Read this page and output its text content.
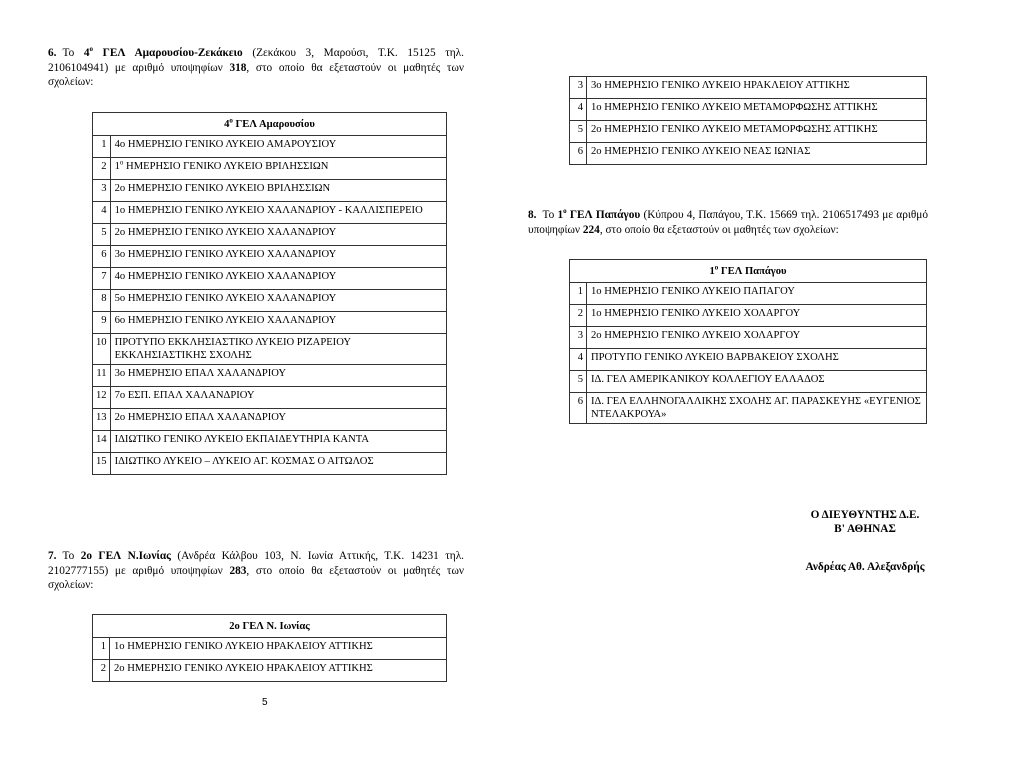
6. Το $4^o$ ΓΕΛ Αμαρουσίου-Ζεκάκειο (Ζεκάκου 3, Μαρούσι, Τ.Κ. 15125 τηλ. 2106104941) με αριθμό υποψηφίων 318, στο οποίο θα εξεταστούν οι μαθητές των σχολείων:
$4^o$ ΓΕΛ Αμαρουσίου	
1	4ο ΗΜΕΡΗΣΙΟ ΓΕΝΙΚΟ ΛΥΚΕΙΟ ΑΜΑΡΟΥΣΙΟΥ
2	$1^o$ ΗΜΕΡΗΣΙΟ ΓΕΝΙΚΟ ΛΥΚΕΙΟ ΒΡΙΛΗΣΣΙΩΝ
3	2ο ΗΜΕΡΗΣΙΟ ΓΕΝΙΚΟ ΛΥΚΕΙΟ ΒΡΙΛΗΣΣΙΩΝ
4	1ο ΗΜΕΡΗΣΙΟ ΓΕΝΙΚΟ ΛΥΚΕΙΟ ΧΑΛΑΝΔΡΙΟΥ - ΚΑΛΛΙΣΠΕΡΕΙΟ
5	2ο ΗΜΕΡΗΣΙΟ ΓΕΝΙΚΟ ΛΥΚΕΙΟ ΧΑΛΑΝΔΡΙΟΥ
6	3ο ΗΜΕΡΗΣΙΟ ΓΕΝΙΚΟ ΛΥΚΕΙΟ ΧΑΛΑΝΔΡΙΟΥ
7	4ο ΗΜΕΡΗΣΙΟ ΓΕΝΙΚΟ ΛΥΚΕΙΟ ΧΑΛΑΝΔΡΙΟΥ
8	5ο ΗΜΕΡΗΣΙΟ ΓΕΝΙΚΟ ΛΥΚΕΙΟ ΧΑΛΑΝΔΡΙΟΥ
9	6ο ΗΜΕΡΗΣΙΟ ΓΕΝΙΚΟ ΛΥΚΕΙΟ ΧΑΛΑΝΔΡΙΟΥ
10	ΠΡΟΤΥΠΟ ΕΚΚΛΗΣΙΑΣΤΙΚΟ ΛΥΚΕΙΟ ΡΙΖΑΡΕΙΟΥ ΕΚΚΛΗΣΙΑΣΤΙΚΗΣ ΣΧΟΛΗΣ
11	3ο ΗΜΕΡΗΣΙΟ ΕΠΑΛ ΧΑΛΑΝΔΡΙΟΥ
12	7ο ΕΣΠ. ΕΠΑΛ ΧΑΛΑΝΔΡΙΟΥ
13	2ο ΗΜΕΡΗΣΙΟ ΕΠΑΛ ΧΑΛΑΝΔΡΙΟΥ
14	ΙΔΙΩΤΙΚΟ ΓΕΝΙΚΟ ΛΥΚΕΙΟ ΕΚΠΑΙΔΕΥΤΗΡΙΑ ΚΑΝΤΑ
15	ΙΔΙΩΤΙΚΟ ΛΥΚΕΙΟ – ΛΥΚΕΙΟ ΑΓ. ΚΟΣΜΑΣ Ο ΑΙΤΩΛΟΣ
7. Το 2ο ΓΕΛ Ν.Ιωνίας (Ανδρέα Κάλβου 103, Ν. Ιωνία Αττικής, Τ.Κ. 14231 τηλ. 2102777155) με αριθμό υποψηφίων 283, στο οποίο θα εξεταστούν οι μαθητές των σχολείων:
2ο ΓΕΛ Ν. Ιωνίας	
1	1ο ΗΜΕΡΗΣΙΟ ΓΕΝΙΚΟ ΛΥΚΕΙΟ ΗΡΑΚΛΕΙΟΥ ΑΤΤΙΚΗΣ
2	2ο ΗΜΕΡΗΣΙΟ ΓΕΝΙΚΟ ΛΥΚΕΙΟ ΗΡΑΚΛΕΙΟΥ ΑΤΤΙΚΗΣ
3	3ο ΗΜΕΡΗΣΙΟ ΓΕΝΙΚΟ ΛΥΚΕΙΟ ΗΡΑΚΛΕΙΟΥ ΑΤΤΙΚΗΣ
4	1ο ΗΜΕΡΗΣΙΟ ΓΕΝΙΚΟ ΛΥΚΕΙΟ ΜΕΤΑΜΟΡΦΩΣΗΣ ΑΤΤΙΚΗΣ
5	2ο ΗΜΕΡΗΣΙΟ ΓΕΝΙΚΟ ΛΥΚΕΙΟ ΜΕΤΑΜΟΡΦΩΣΗΣ ΑΤΤΙΚΗΣ
6	2ο ΗΜΕΡΗΣΙΟ ΓΕΝΙΚΟ ΛΥΚΕΙΟ ΝΕΑΣ ΙΩΝΙΑΣ
8. Το $1^o$ ΓΕΛ Παπάγου (Κύπρου 4, Παπάγου, Τ.Κ. 15669 τηλ. 2106517493 με αριθμό υποψηφίων 224, στο οποίο θα εξεταστούν οι μαθητές των σχολείων:
$1^o$ ΓΕΛ Παπάγου	
1	1ο ΗΜΕΡΗΣΙΟ ΓΕΝΙΚΟ ΛΥΚΕΙΟ ΠΑΠΑΓΟΥ
2	1ο ΗΜΕΡΗΣΙΟ ΓΕΝΙΚΟ ΛΥΚΕΙΟ ΧΟΛΑΡΓΟΥ
3	2ο ΗΜΕΡΗΣΙΟ ΓΕΝΙΚΟ ΛΥΚΕΙΟ ΧΟΛΑΡΓΟΥ
4	ΠΡΟΤΥΠΟ ΓΕΝΙΚΟ ΛΥΚΕΙΟ ΒΑΡΒΑΚΕΙΟΥ ΣΧΟΛΗΣ
5	ΙΔ. ΓΕΛ ΑΜΕΡΙΚΑΝΙΚΟΥ ΚΟΛΛΕΓΙΟΥ ΕΛΛΑΔΟΣ
6	ΙΔ. ΓΕΛ ΕΛΛΗΝΟΓΑΛΛΙΚΗΣ ΣΧΟΛΗΣ ΑΓ. ΠΑΡΑΣΚΕΥΗΣ «ΕΥΓΕΝΙΟΣ ΝΤΕΛΑΚΡΟΥΑ»
Ο ΔΙΕΥΘΥΝΤΗΣ Δ.Ε.
Β' ΑΘΗΝΑΣ
Ανδρέας Αθ. Αλεξανδρής
5
